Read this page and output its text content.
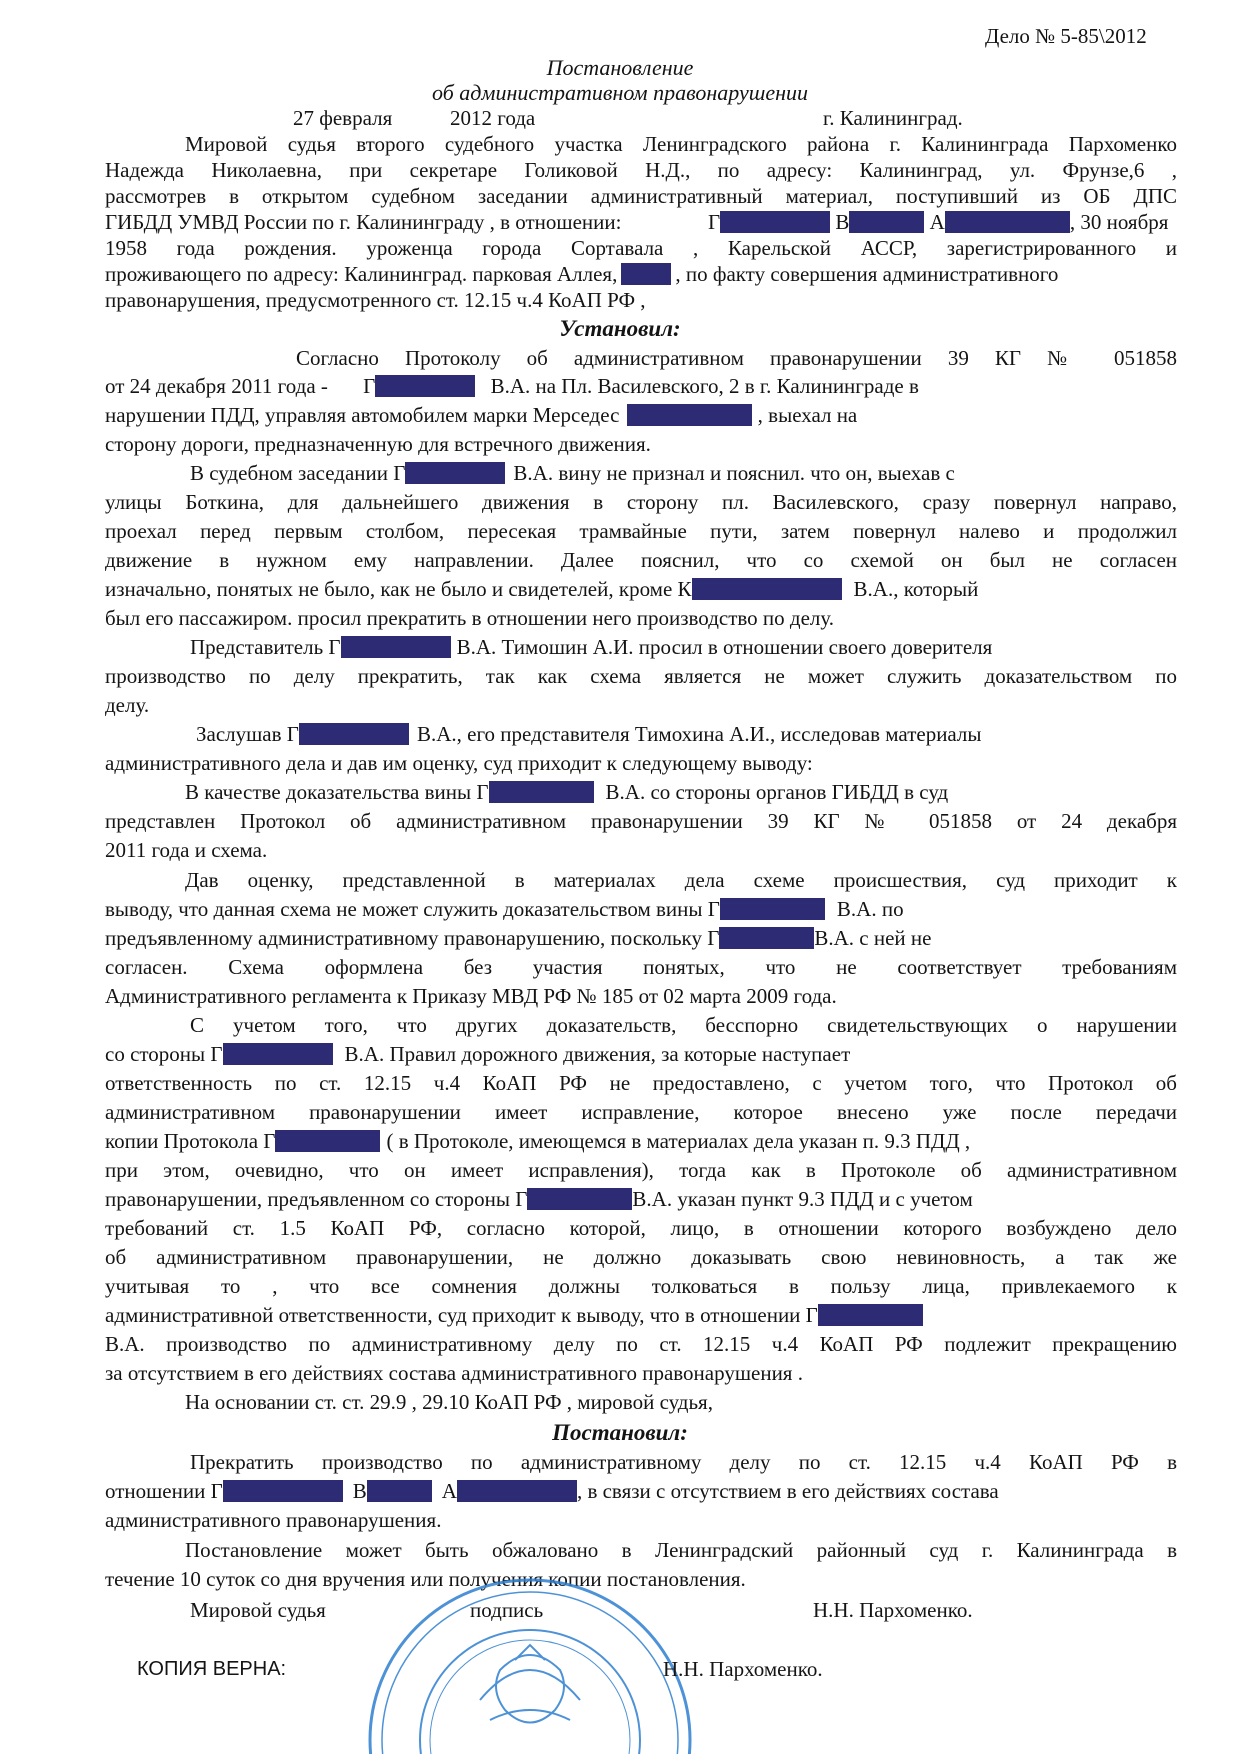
Дело № 5-85\2012
Постановление
об административном правонарушении
27 февраля	2012 года	г. Калининград.
Мировой судья второго судебного участка Ленинградского района г. Калининграда Пархоменко
Надежда Николаевна, при секретаре Голиковой Н.Д., по адресу: Калининград, ул. Фрунзе,6 ,
рассмотрев в открытом судебном заседании административный материал, поступивший из ОБ ДПС
ГИБДД УМВД России по г. Калининграду , в отношении:	Г	В	А	, 30 ноября
1958 года рождения. уроженца города Сортавала , Карельской АССР, зарегистрированного и
проживающего по адресу: Калининград. парковая Аллея,	, по факту совершения административного
правонарушения, предусмотренного ст. 12.15 ч.4 КоАП РФ ,
Установил:
Согласно Протоколу об административном правонарушении 39 КГ № 051858
от 24 декабря 2011 года - Г	В.А. на Пл. Василевского, 2 в г. Калининграде в
нарушении ПДД, управляя автомобилем марки Мерседес	, выехал на
сторону дороги, предназначенную для встречного движения.
В судебном заседании Г	В.А. вину не признал и пояснил. что он, выехав с
улицы Боткина, для дальнейшего движения в сторону пл. Василевского, сразу повернул направо,
проехал перед первым столбом, пересекая трамвайные пути, затем повернул налево и продолжил
движение в нужном ему направлении. Далее пояснил, что со схемой он был не согласен
изначально, понятых не было, как не было и свидетелей, кроме К	В.А., который
был его пассажиром. просил прекратить в отношении него производство по делу.
Представитель Г	В.А. Тимошин А.И. просил в отношении своего доверителя
производство по делу прекратить, так как схема является не может служить доказательством по
делу.
Заслушав Г	В.А., его представителя Тимохина А.И., исследовав материалы
административного дела и дав им оценку, суд приходит к следующему выводу:
В качестве доказательства вины Г	В.А. со стороны органов ГИБДД в суд
представлен Протокол об административном правонарушении 39 КГ № 051858 от 24 декабря
2011 года и схема.
Дав оценку, представленной в материалах дела схеме происшествия, суд приходит к
выводу, что данная схема не может служить доказательством вины Г	В.А. по
предъявленному административному правонарушению, поскольку Г	В.А. с ней не
согласен. Схема оформлена без участия понятых, что не соответствует требованиям
Административного регламента к Приказу МВД РФ № 185 от 02 марта 2009 года.
С учетом того, что других доказательств, бесспорно свидетельствующих о нарушении
со стороны Г	В.А. Правил дорожного движения, за которые наступает
ответственность по ст. 12.15 ч.4 КоАП РФ не предоставлено, с учетом того, что Протокол об
административном правонарушении имеет исправление, которое внесено уже после передачи
копии Протокола Г	( в Протоколе, имеющемся в материалах дела указан п. 9.3 ПДД ,
при этом, очевидно, что он имеет исправления), тогда как в Протоколе об административном
правонарушении, предъявленном со стороны Г	В.А. указан пункт 9.3 ПДД и с учетом
требований ст. 1.5 КоАП РФ, согласно которой, лицо, в отношении которого возбуждено дело
об административном правонарушении, не должно доказывать свою невиновность, а так же
учитывая то , что все сомнения должны толковаться в пользу лица, привлекаемого к
административной ответственности, суд приходит к выводу, что в отношении Г
В.А. производство по административному делу по ст. 12.15 ч.4 КоАП РФ подлежит прекращению
за отсутствием в его действиях состава административного правонарушения .
На основании ст. ст. 29.9 , 29.10 КоАП РФ , мировой судья,
Постановил:
Прекратить производство по административному делу по ст. 12.15 ч.4 КоАП РФ в
отношении Г	В	А	, в связи с отсутствием в его действиях состава
административного правонарушения.
Постановление может быть обжаловано в Ленинградский районный суд г. Калининграда в
течение 10 суток со дня вручения или получения копии постановления.
Мировой судья	подпись	Н.Н. Пархоменко.
КОПИЯ ВЕРНА:	Н.Н. Пархоменко.
